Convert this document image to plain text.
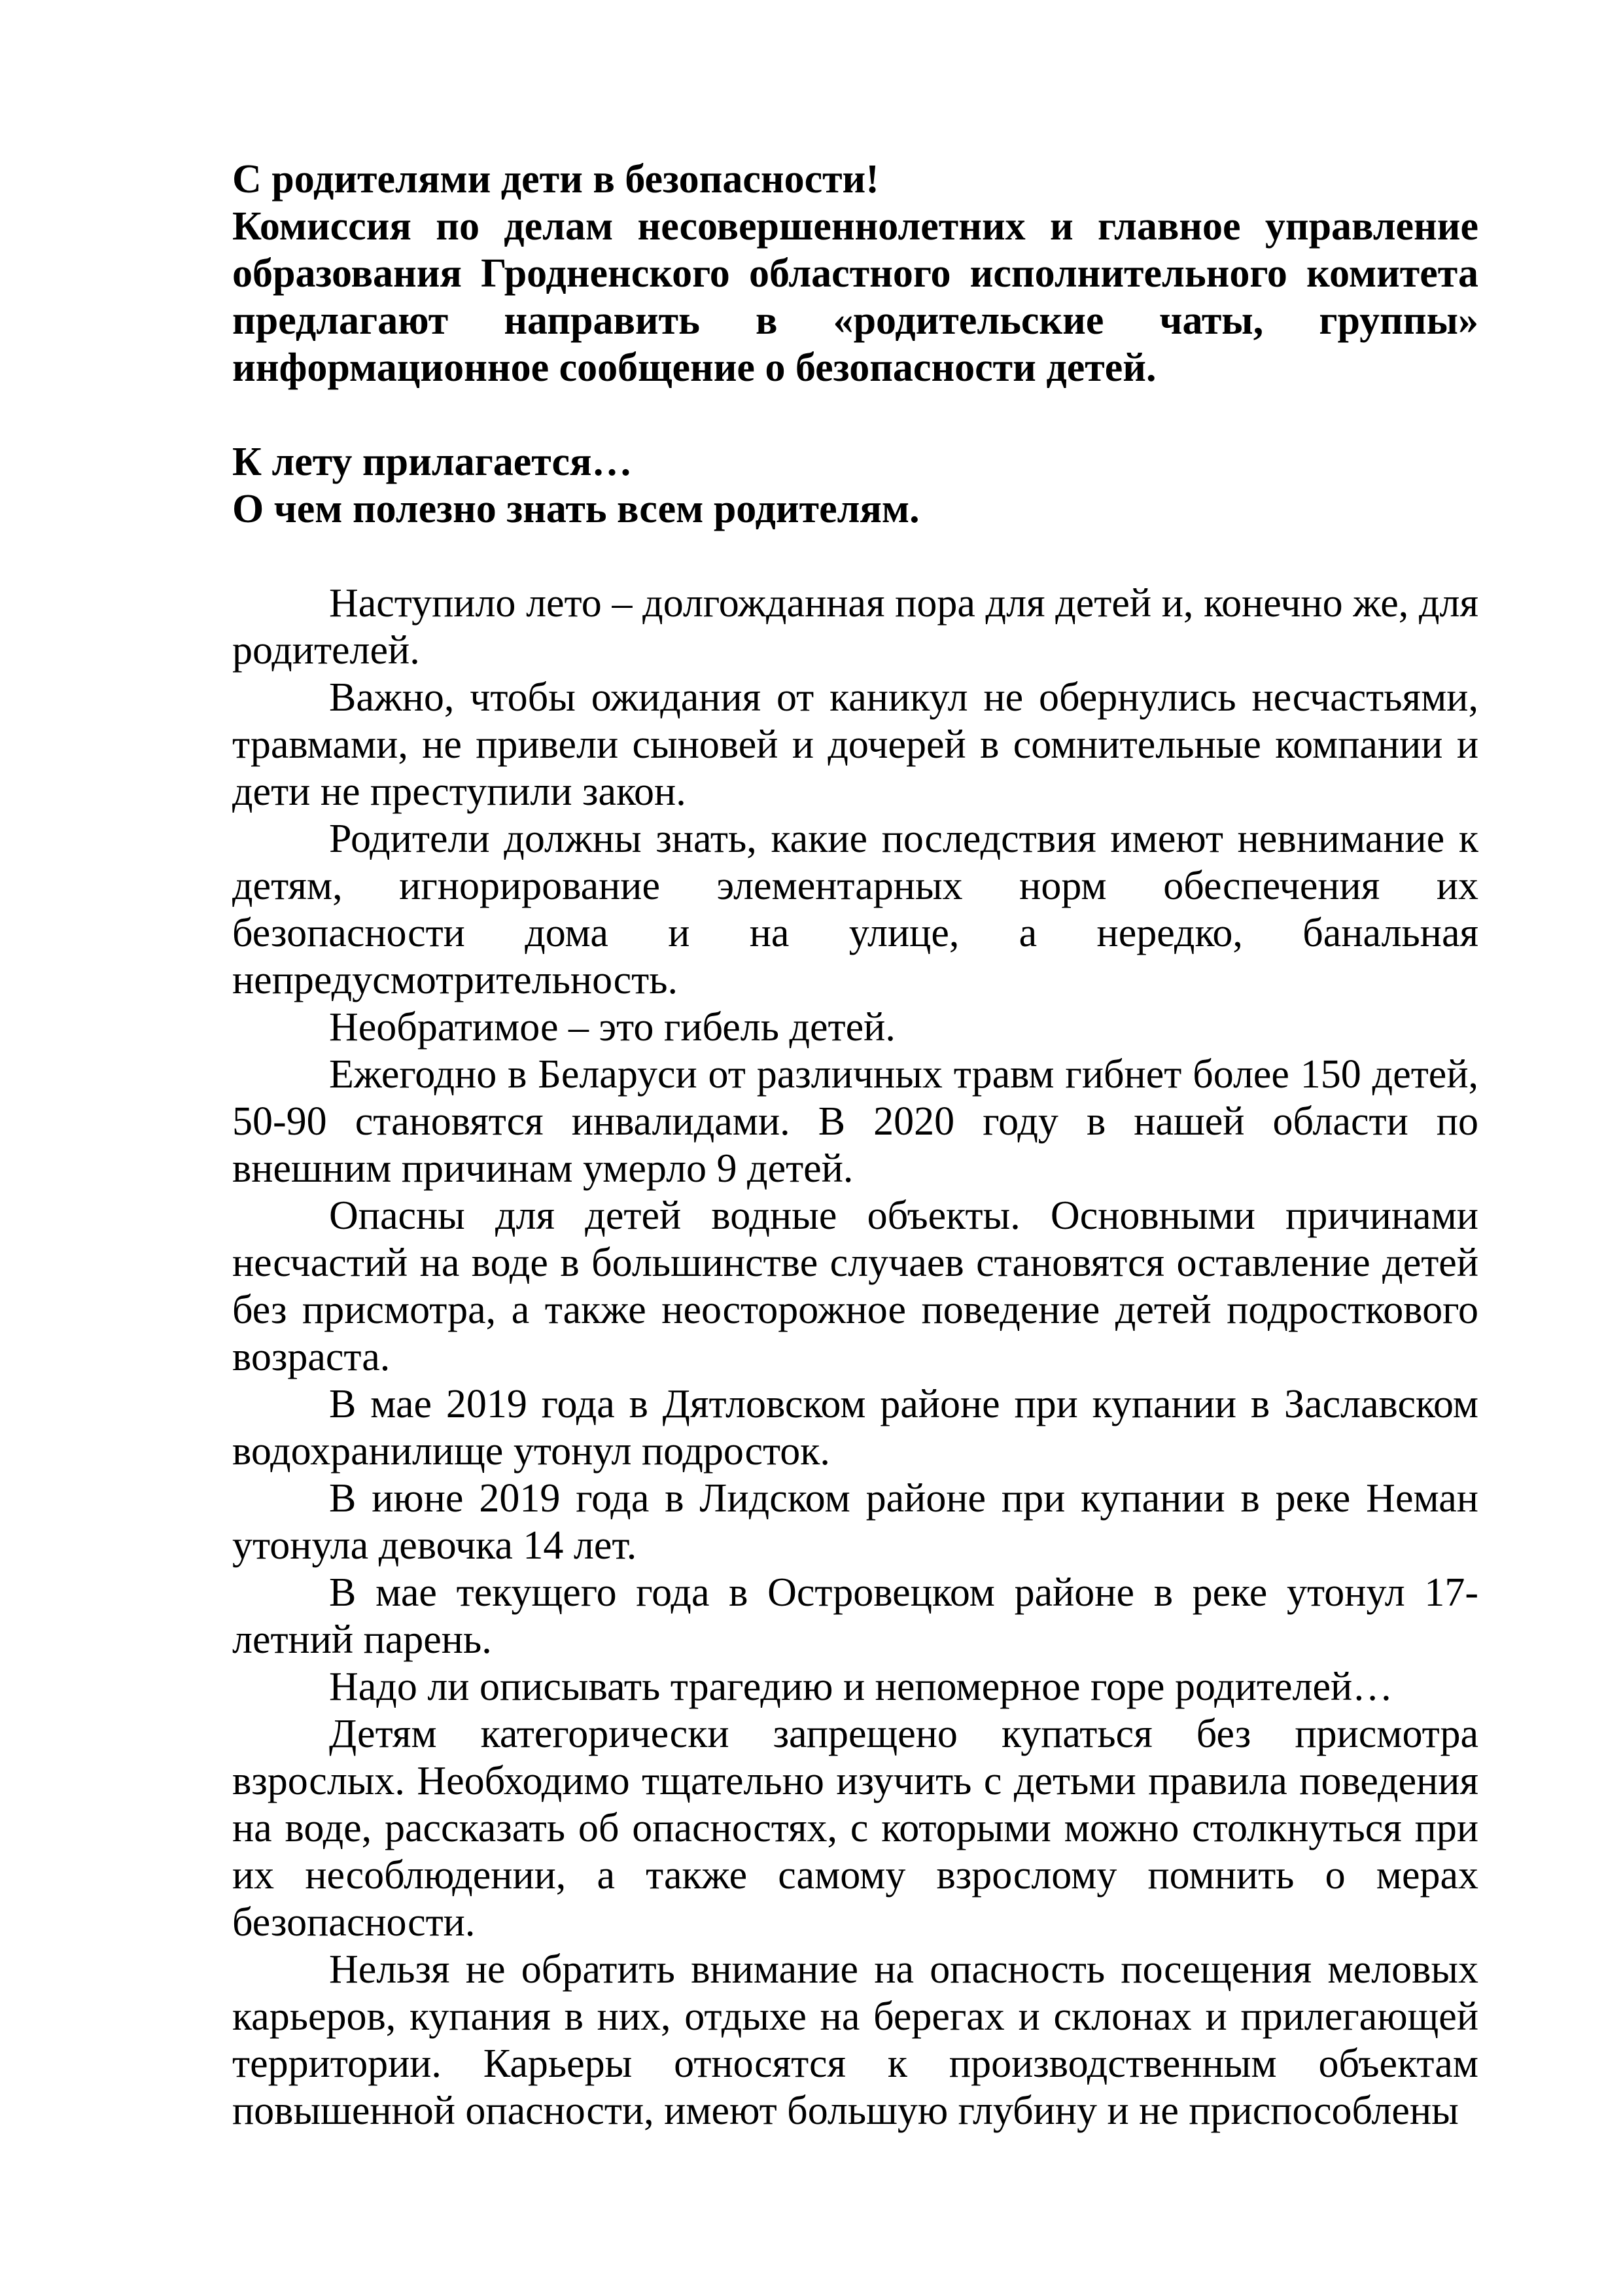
С родителями дети в безопасности!

Комиссия по делам несовершеннолетних и главное управление образования Гродненского областного исполнительного комитета предлагают направить в «родительские чаты, группы» информационное сообщение о безопасности детей.

К лету прилагается…

О чем полезно знать всем родителям.

Наступило лето – долгожданная пора для детей и, конечно же, для родителей.

Важно, чтобы ожидания от каникул не обернулись несчастьями, травмами, не привели сыновей и дочерей в сомнительные компании и дети не преступили закон.

Родители должны знать, какие последствия имеют невнимание к детям, игнорирование элементарных норм обеспечения их безопасности дома и на улице, а нередко, банальная непредусмотрительность.

Необратимое – это гибель детей.

Ежегодно в Беларуси от различных травм гибнет более 150 детей, 50-90 становятся инвалидами. В 2020 году в нашей области по внешним причинам умерло 9 детей.

Опасны для детей водные объекты. Основными причинами несчастий на воде в большинстве случаев становятся оставление детей без присмотра, а также неосторожное поведение детей подросткового возраста.

В мае 2019 года в Дятловском районе при купании в Заславском водохранилище утонул подросток.

В июне 2019 года в Лидском районе при купании в реке Неман утонула девочка 14 лет.

В мае текущего года в Островецком районе в реке утонул 17-летний парень.

Надо ли описывать трагедию и непомерное горе родителей…

Детям категорически запрещено купаться без присмотра взрослых. Необходимо тщательно изучить с детьми правила поведения на воде, рассказать об опасностях, с которыми можно столкнуться при их несоблюдении, а также самому взрослому помнить о мерах безопасности.

Нельзя не обратить внимание на опасность посещения меловых карьеров, купания в них, отдыхе на берегах и склонах и прилегающей территории. Карьеры относятся к производственным объектам повышенной опасности, имеют большую глубину и не приспособлены
